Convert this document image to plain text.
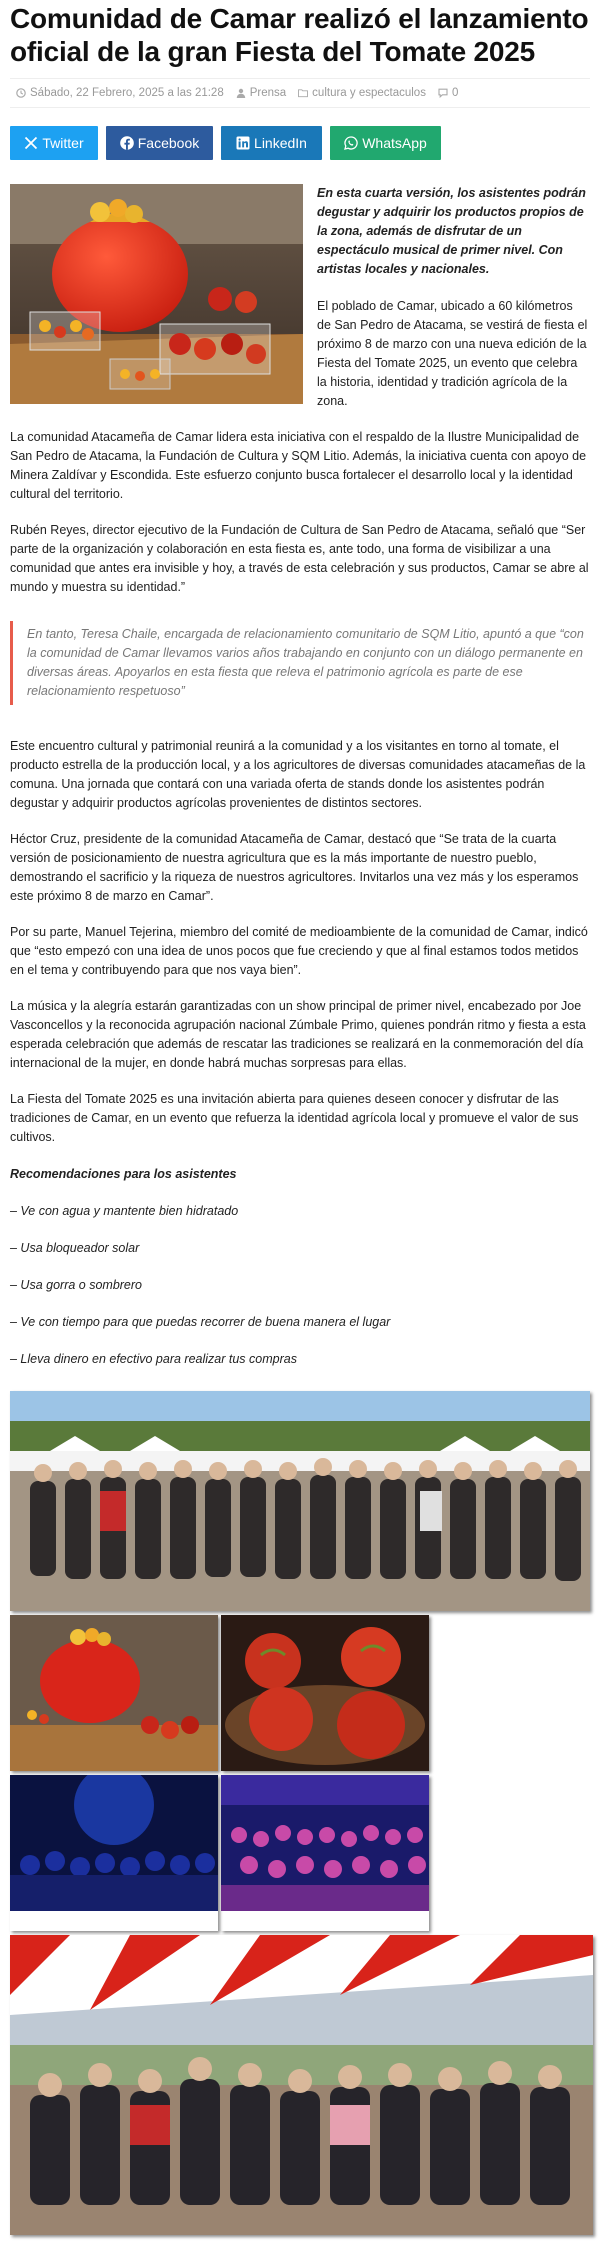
Comunidad de Camar realizó el lanzamiento oficial de la gran Fiesta del Tomate 2025
Sábado, 22 Febrero, 2025 a las 21:28 Prensa cultura y espectaculos 0
Twitter	Facebook	LinkedIn	WhatsApp

En esta cuarta versión, los asistentes podrán degustar y adquirir los productos propios de la zona, además de disfrutar de un espectáculo musical de primer nivel. Con artistas locales y nacionales.

El poblado de Camar, ubicado a 60 kilómetros de San Pedro de Atacama, se vestirá de fiesta el próximo 8 de marzo con una nueva edición de la Fiesta del Tomate 2025, un evento que celebra la historia, identidad y tradición agrícola de la zona.

La comunidad Atacameña de Camar lidera esta iniciativa con el respaldo de la Ilustre Municipalidad de San Pedro de Atacama, la Fundación de Cultura y SQM Litio. Además, la iniciativa cuenta con apoyo de Minera Zaldívar y Escondida. Este esfuerzo conjunto busca fortalecer el desarrollo local y la identidad cultural del territorio.

Rubén Reyes, director ejecutivo de la Fundación de Cultura de San Pedro de Atacama, señaló que “Ser parte de la organización y colaboración en esta fiesta es, ante todo, una forma de visibilizar a una comunidad que antes era invisible y hoy, a través de esta celebración y sus productos, Camar se abre al mundo y muestra su identidad.”

En tanto, Teresa Chaile, encargada de relacionamiento comunitario de SQM Litio, apuntó a que “con la comunidad de Camar llevamos varios años trabajando en conjunto con un diálogo permanente en diversas áreas. Apoyarlos en esta fiesta que releva el patrimonio agrícola es parte de ese relacionamiento respetuoso”

Este encuentro cultural y patrimonial reunirá a la comunidad y a los visitantes en torno al tomate, el producto estrella de la producción local, y a los agricultores de diversas comunidades atacameñas de la comuna. Una jornada que contará con una variada oferta de stands donde los asistentes podrán degustar y adquirir productos agrícolas provenientes de distintos sectores.

Héctor Cruz, presidente de la comunidad Atacameña de Camar, destacó que “Se trata de la cuarta versión de posicionamiento de nuestra agricultura que es la más importante de nuestro pueblo, demostrando el sacrificio y la riqueza de nuestros agricultores. Invitarlos una vez más y los esperamos este próximo 8 de marzo en Camar”.

Por su parte, Manuel Tejerina, miembro del comité de medioambiente de la comunidad de Camar, indicó que “esto empezó con una idea de unos pocos que fue creciendo y que al final estamos todos metidos en el tema y contribuyendo para que nos vaya bien”.

La música y la alegría estarán garantizadas con un show principal de primer nivel, encabezado por Joe Vasconcellos y la reconocida agrupación nacional Zúmbale Primo, quienes pondrán ritmo y fiesta a esta esperada celebración que además de rescatar las tradiciones se realizará en la conmemoración del día internacional de la mujer, en donde habrá muchas sorpresas para ellas.

La Fiesta del Tomate 2025 es una invitación abierta para quienes deseen conocer y disfrutar de las tradiciones de Camar, en un evento que refuerza la identidad agrícola local y promueve el valor de sus cultivos.

Recomendaciones para los asistentes

– Ve con agua y mantente bien hidratado

– Usa bloqueador solar

– Usa gorra o sombrero

– Ve con tiempo para que puedas recorrer de buena manera el lugar

– Lleva dinero en efectivo para realizar tus compras
